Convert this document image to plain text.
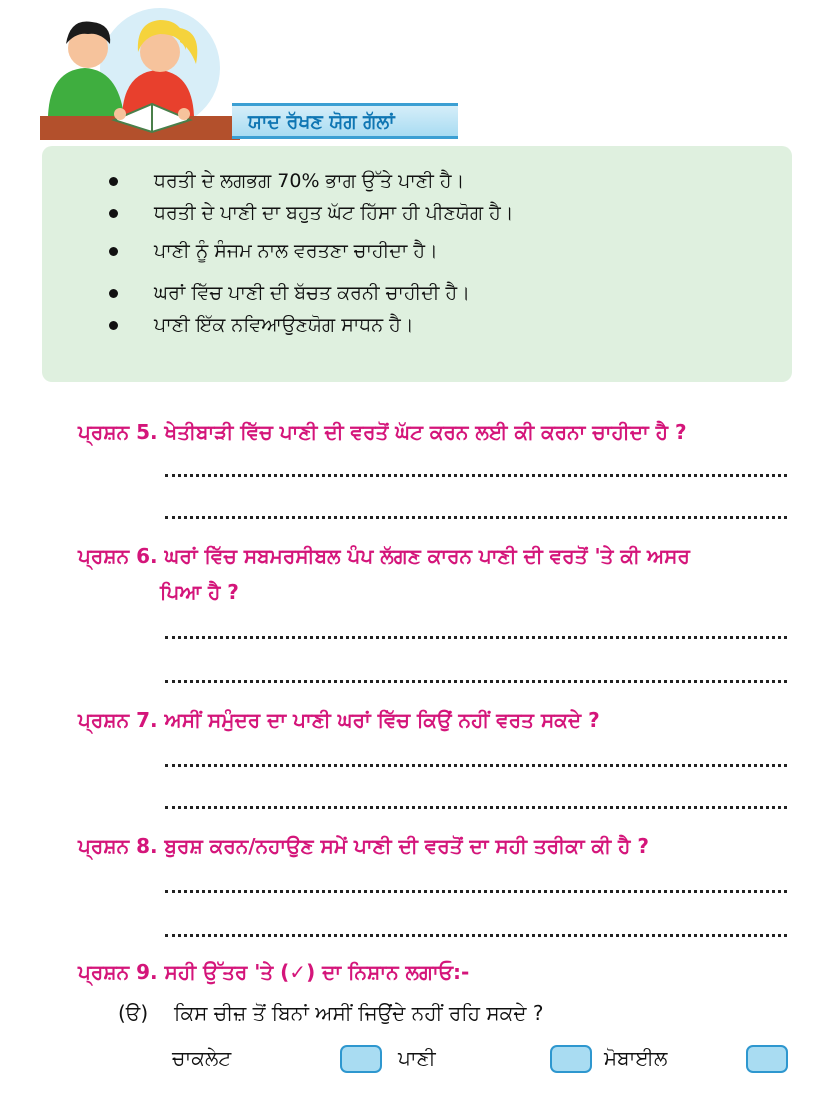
ਯਾਦ ਰੱਖਣ ਯੋਗ ਗੱਲਾਂ
ਧਰਤੀ ਦੇ ਲਗਭਗ 70% ਭਾਗ ਉੱਤੇ ਪਾਣੀ ਹੈ।
ਧਰਤੀ ਦੇ ਪਾਣੀ ਦਾ ਬਹੁਤ ਘੱਟ ਹਿੱਸਾ ਹੀ ਪੀਣਯੋਗ ਹੈ।
ਪਾਣੀ ਨੂੰ ਸੰਜਮ ਨਾਲ ਵਰਤਣਾ ਚਾਹੀਦਾ ਹੈ।
ਘਰਾਂ ਵਿੱਚ ਪਾਣੀ ਦੀ ਬੱਚਤ ਕਰਨੀ ਚਾਹੀਦੀ ਹੈ।
ਪਾਣੀ ਇੱਕ ਨਵਿਆਉਣਯੋਗ ਸਾਧਨ ਹੈ।
ਪ੍ਰਸ਼ਨ 5. ਖੇਤੀਬਾੜੀ ਵਿੱਚ ਪਾਣੀ ਦੀ ਵਰਤੋਂ ਘੱਟ ਕਰਨ ਲਈ ਕੀ ਕਰਨਾ ਚਾਹੀਦਾ ਹੈ ?
ਪ੍ਰਸ਼ਨ 6. ਘਰਾਂ ਵਿੱਚ ਸਬਮਰਸੀਬਲ ਪੰਪ ਲੱਗਣ ਕਾਰਨ ਪਾਣੀ ਦੀ ਵਰਤੋਂ 'ਤੇ ਕੀ ਅਸਰ
ਪਿਆ ਹੈ ?
ਪ੍ਰਸ਼ਨ 7. ਅਸੀਂ ਸਮੁੰਦਰ ਦਾ ਪਾਣੀ ਘਰਾਂ ਵਿੱਚ ਕਿਉਂ ਨਹੀਂ ਵਰਤ ਸਕਦੇ ?
ਪ੍ਰਸ਼ਨ 8. ਬੁਰਸ਼ ਕਰਨ/ਨਹਾਉਣ ਸਮੇਂ ਪਾਣੀ ਦੀ ਵਰਤੋਂ ਦਾ ਸਹੀ ਤਰੀਕਾ ਕੀ ਹੈ ?
ਪ੍ਰਸ਼ਨ 9. ਸਹੀ ਉੱਤਰ 'ਤੇ (✓) ਦਾ ਨਿਸ਼ਾਨ ਲਗਾਓ:-
(ੳ) ਕਿਸ ਚੀਜ਼ ਤੋਂ ਬਿਨਾਂ ਅਸੀਂ ਜਿਉਂਦੇ ਨਹੀਂ ਰਹਿ ਸਕਦੇ ?
ਚਾਕਲੇਟ	ਪਾਣੀ	ਮੋਬਾਈਲ
